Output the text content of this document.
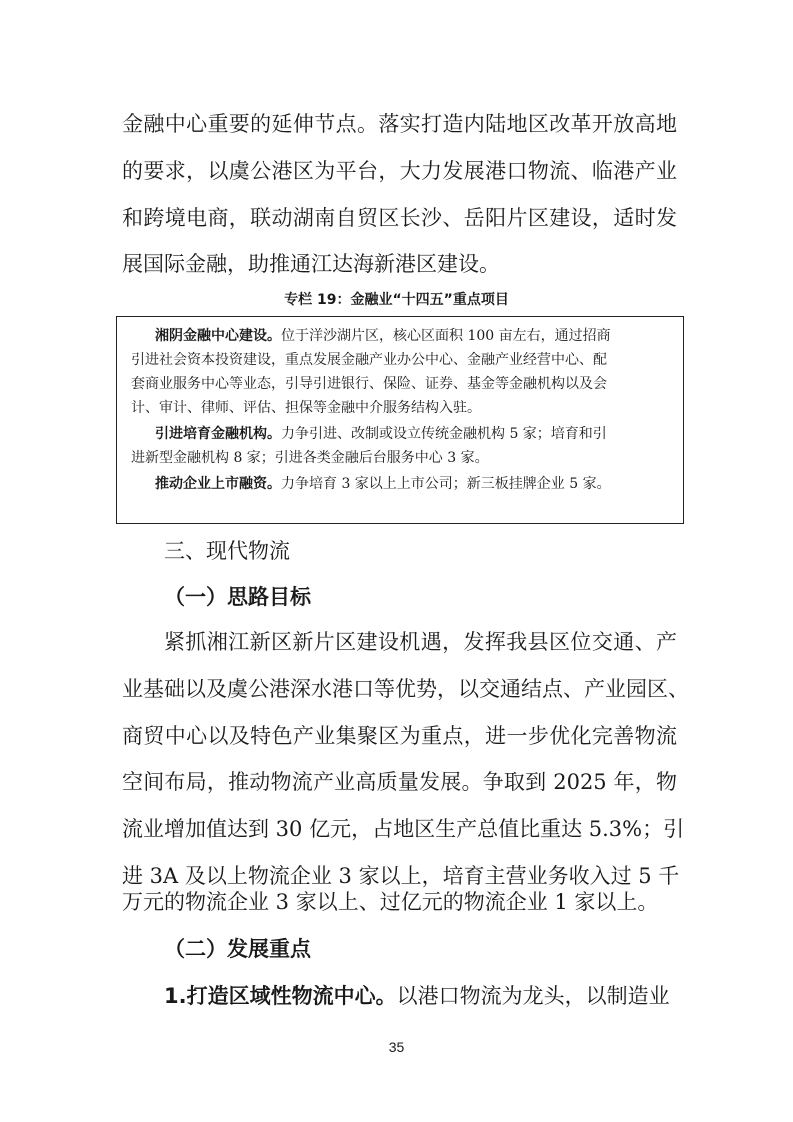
金融中心重要的延伸节点。落实打造内陆地区改革开放高地
的要求，以虞公港区为平台，大力发展港口物流、临港产业
和跨境电商，联动湖南自贸区长沙、岳阳片区建设，适时发
展国际金融，助推通江达海新港区建设。
专栏 19：金融业“十四五”重点项目
湘阴金融中心建设。位于洋沙湖片区，核心区面积 100 亩左右，通过招商
引进社会资本投资建设，重点发展金融产业办公中心、金融产业经营中心、配
套商业服务中心等业态，引导引进银行、保险、证券、基金等金融机构以及会
计、审计、律师、评估、担保等金融中介服务结构入驻。
引进培育金融机构。力争引进、改制或设立传统金融机构 5 家；培育和引
进新型金融机构 8 家；引进各类金融后台服务中心 3 家。
推动企业上市融资。力争培育 3 家以上上市公司；新三板挂牌企业 5 家。
三、现代物流
（一）思路目标
紧抓湘江新区新片区建设机遇，发挥我县区位交通、产
业基础以及虞公港深水港口等优势，以交通结点、产业园区、
商贸中心以及特色产业集聚区为重点，进一步优化完善物流
空间布局，推动物流产业高质量发展。争取到 2025 年，物
流业增加值达到 30 亿元，占地区生产总值比重达 5.3%；引
进 3A 及以上物流企业 3 家以上，培育主营业务收入过 5 千
万元的物流企业 3 家以上、过亿元的物流企业 1 家以上。
（二）发展重点
1.打造区域性物流中心。以港口物流为龙头，以制造业
35
